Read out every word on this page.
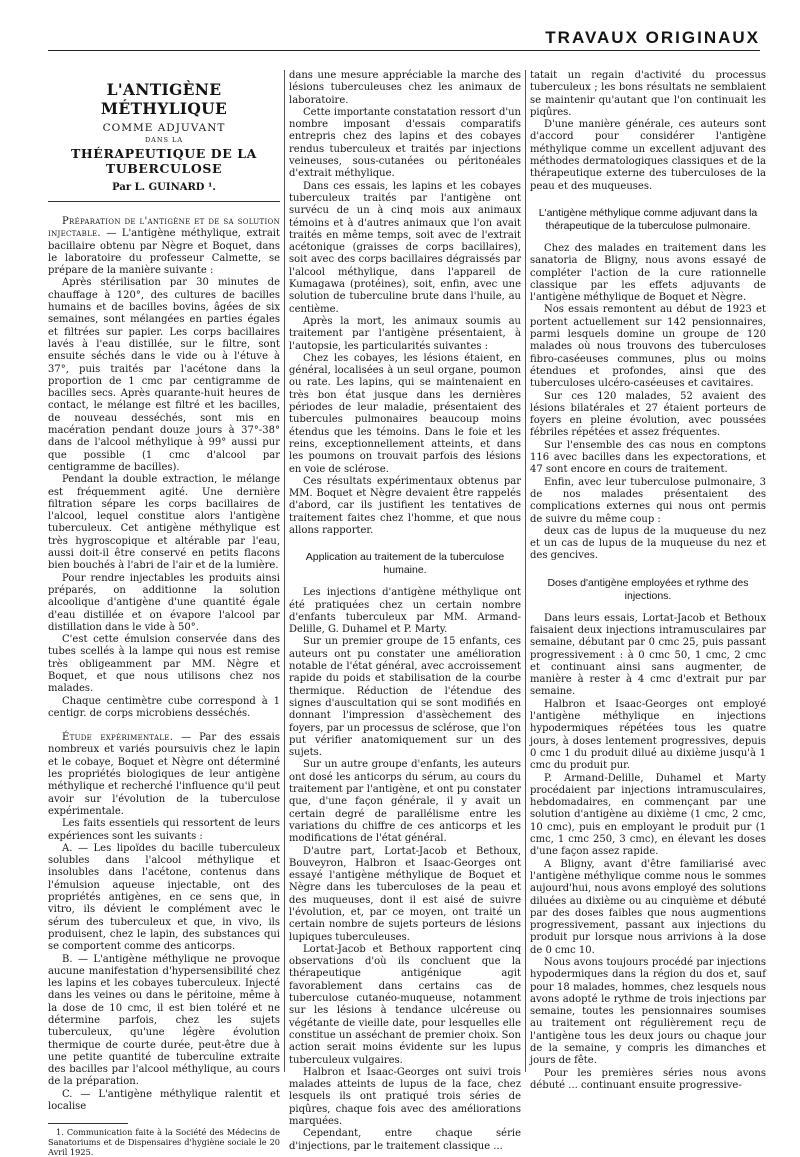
TRAVAUX ORIGINAUX
L'ANTIGÈNE MÉTHYLIQUE
COMME ADJUVANT
DANS LA
THÉRAPEUTIQUE DE LA TUBERCULOSE
Par L. GUINARD ¹.

Préparation de l'antigène et de sa solution injectable. — L'antigène méthylique, extrait bacillaire obtenu par Nègre et Boquet, dans le laboratoire du professeur Calmette, se prépare de la manière suivante :

Après stérilisation par 30 minutes de chauffage à 120°, des cultures de bacilles humains et de bacilles bovins, âgées de six semaines, sont mélangées en parties égales et filtrées sur papier. Les corps bacillaires lavés à l'eau distillée, sur le filtre, sont ensuite séchés dans le vide ou à l'étuve à 37°, puis traités par l'acétone dans la proportion de 1 cmc par centigramme de bacilles secs. Après quarante-huit heures de contact, le mélange est filtré et les bacilles, de nouveau desséchés, sont mis en macération pendant douze jours à 37°-38° dans de l'alcool méthylique à 99° aussi pur que possible (1 cmc d'alcool par centigramme de bacilles).

Pendant la double extraction, le mélange est fréquemment agité. Une dernière filtration sépare les corps bacillaires de l'alcool, lequel constitue alors l'antigène tuberculeux. Cet antigène méthylique est très hygroscopique et altérable par l'eau, aussi doit-il être conservé en petits flacons bien bouchés à l'abri de l'air et de la lumière.

Pour rendre injectables les produits ainsi préparés, on additionne la solution alcoolique d'antigène d'une quantité égale d'eau distillée et on évapore l'alcool par distillation dans le vide à 50°.

C'est cette émulsion conservée dans des tubes scellés à la lampe qui nous est remise très obligeamment par MM. Nègre et Boquet, et que nous utilisons chez nos malades.

Chaque centimètre cube correspond à 1 centigr. de corps microbiens desséchés.

Étude expérimentale. — Par des essais nombreux et variés poursuivis chez le lapin et le cobaye, Boquet et Nègre ont déterminé les propriétés biologiques de leur antigène méthylique et recherché l'influence qu'il peut avoir sur l'évolution de la tuberculose expérimentale.

Les faits essentiels qui ressortent de leurs expériences sont les suivants :

A. — Les lipoïdes du bacille tuberculeux solubles dans l'alcool méthylique et insolubles dans l'acétone, contenus dans l'émulsion aqueuse injectable, ont des propriétés antigènes, en ce sens que, in vitro, ils dévient le complément avec le sérum des tuberculeux et que, in vivo, ils produisent, chez le lapin, des substances qui se comportent comme des anticorps.

B. — L'antigène méthylique ne provoque aucune manifestation d'hypersensibilité chez les lapins et les cobayes tuberculeux. Injecté dans les veines ou dans le péritoine, même à la dose de 10 cmc, il est bien toléré et ne détermine parfois, chez les sujets tuberculeux, qu'une légère évolution thermique de courte durée, peut-être due à une petite quantité de tuberculine extraite des bacilles par l'alcool méthylique, au cours de la préparation.

C. — L'antigène méthylique ralentit et localise

1. Communication faite à la Société des Médecins de Sanatoriums et de Dispensaires d'hygiène sociale le 20 Avril 1925.

dans une mesure appréciable la marche des lésions tuberculeuses chez les animaux de laboratoire.

Cette importante constatation ressort d'un nombre imposant d'essais comparatifs entrepris chez des lapins et des cobayes rendus tuberculeux et traités par injections veineuses, sous-cutanées ou péritonéales d'extrait méthylique.

Dans ces essais, les lapins et les cobayes tuberculeux traités par l'antigène ont survécu de un à cinq mois aux animaux témoins et à d'autres animaux que l'on avait traités en même temps, soit avec de l'extrait acétonique (graisses de corps bacillaires), soit avec des corps bacillaires dégraissés par l'alcool méthylique, dans l'appareil de Kumagawa (protéines), soit, enfin, avec une solution de tuberculine brute dans l'huile, au centième.

Après la mort, les animaux soumis au traitement par l'antigène présentaient, à l'autopsie, les particularités suivantes :

Chez les cobayes, les lésions étaient, en général, localisées à un seul organe, poumon ou rate. Les lapins, qui se maintenaient en très bon état jusque dans les dernières périodes de leur maladie, présentaient des tubercules pulmonaires beaucoup moins étendus que les témoins. Dans le foie et les reins, exceptionnellement atteints, et dans les poumons on trouvait parfois des lésions en voie de sclérose.

Ces résultats expérimentaux obtenus par MM. Boquet et Nègre devaient être rappelés d'abord, car ils justifient les tentatives de traitement faites chez l'homme, et que nous allons rapporter.

Application au traitement de la tuberculose humaine.

Les injections d'antigène méthylique ont été pratiquées chez un certain nombre d'enfants tuberculeux par MM. Armand-Delille, G. Duhamel et P. Marty.

Sur un premier groupe de 15 enfants, ces auteurs ont pu constater une amélioration notable de l'état général, avec accroissement rapide du poids et stabilisation de la courbe thermique. Réduction de l'étendue des signes d'auscultation qui se sont modifiés en donnant l'impression d'assèchement des foyers, par un processus de sclérose, que l'on put vérifier anatomiquement sur un des sujets.

Sur un autre groupe d'enfants, les auteurs ont dosé les anticorps du sérum, au cours du traitement par l'antigène, et ont pu constater que, d'une façon générale, il y avait un certain degré de parallélisme entre les variations du chiffre de ces anticorps et les modifications de l'état général.

D'autre part, Lortat-Jacob et Bethoux, Bouveyron, Halbron et Isaac-Georges ont essayé l'antigène méthylique de Boquet et Nègre dans les tuberculoses de la peau et des muqueuses, dont il est aisé de suivre l'évolution, et, par ce moyen, ont traité un certain nombre de sujets porteurs de lésions lupiques tuberculeuses.

Lortat-Jacob et Bethoux rapportent cinq observations d'où ils concluent que la thérapeutique antigénique agit favorablement dans certains cas de tuberculose cutanéo-muqueuse, notamment sur les lésions à tendance ulcéreuse ou végétante de vieille date, pour lesquelles elle constitue un asséchant de premier choix. Son action serait moins évidente sur les lupus tuberculeux vulgaires.

Halbron et Isaac-Georges ont suivi trois malades atteints de lupus de la face, chez lesquels ils ont pratiqué trois séries de piqûres, chaque fois avec des améliorations marquées.

Cependant, entre chaque série d'injections, par le traitement classique ...

tatait un regain d'activité du processus tuberculeux ; les bons résultats ne semblaient se maintenir qu'autant que l'on continuait les piqûres.

D'une manière générale, ces auteurs sont d'accord pour considérer l'antigène méthylique comme un excellent adjuvant des méthodes dermatologiques classiques et de la thérapeutique externe des tuberculoses de la peau et des muqueuses.

L'antigène méthylique comme adjuvant dans la thérapeutique de la tuberculose pulmonaire.

Chez des malades en traitement dans les sanatoria de Bligny, nous avons essayé de compléter l'action de la cure rationnelle classique par les effets adjuvants de l'antigène méthylique de Boquet et Nègre.

Nos essais remontent au début de 1923 et portent actuellement sur 142 pensionnaires, parmi lesquels domine un groupe de 120 malades où nous trouvons des tuberculoses fibro-caséeuses communes, plus ou moins étendues et profondes, ainsi que des tuberculoses ulcéro-caséeuses et cavitaires.

Sur ces 120 malades, 52 avaient des lésions bilatérales et 27 étaient porteurs de foyers en pleine évolution, avec poussées fébriles répétées et assez fréquentes.

Sur l'ensemble des cas nous en comptons 116 avec bacilles dans les expectorations, et 47 sont encore en cours de traitement.

Enfin, avec leur tuberculose pulmonaire, 3 de nos malades présentaient des complications externes qui nous ont permis de suivre du même coup :

deux cas de lupus de la muqueuse du nez et un cas de lupus de la muqueuse du nez et des gencives.

Doses d'antigène employées et rythme des injections.

Dans leurs essais, Lortat-Jacob et Bethoux faisaient deux injections intramusculaires par semaine, débutant par 0 cmc 25, puis passant progressivement : à 0 cmc 50, 1 cmc, 2 cmc et continuant ainsi sans augmenter, de manière à rester à 4 cmc d'extrait pur par semaine.

Halbron et Isaac-Georges ont employé l'antigène méthylique en injections hypodermiques répétées tous les quatre jours, à doses lentement progressives, depuis 0 cmc 1 du produit dilué au dixième jusqu'à 1 cmc du produit pur.

P. Armand-Delille, Duhamel et Marty procédaient par injections intramusculaires, hebdomadaires, en commençant par une solution d'antigène au dixième (1 cmc, 2 cmc, 10 cmc), puis en employant le produit pur (1 cmc, 1 cmc 250, 3 cmc), en élevant les doses d'une façon assez rapide.

A Bligny, avant d'être familiarisé avec l'antigène méthylique comme nous le sommes aujourd'hui, nous avons employé des solutions diluées au dixième ou au cinquième et débuté par des doses faibles que nous augmentions progressivement, passant aux injections du produit pur lorsque nous arrivions à la dose de 0 cmc 10.

Nous avons toujours procédé par injections hypodermiques dans la région du dos et, sauf pour 18 malades, hommes, chez lesquels nous avons adopté le rythme de trois injections par semaine, toutes les pensionnaires soumises au traitement ont régulièrement reçu de l'antigène tous les deux jours ou chaque jour de la semaine, y compris les dimanches et jours de fête.

Pour les premières séries nous avons débuté ... continuant ensuite progressive-
